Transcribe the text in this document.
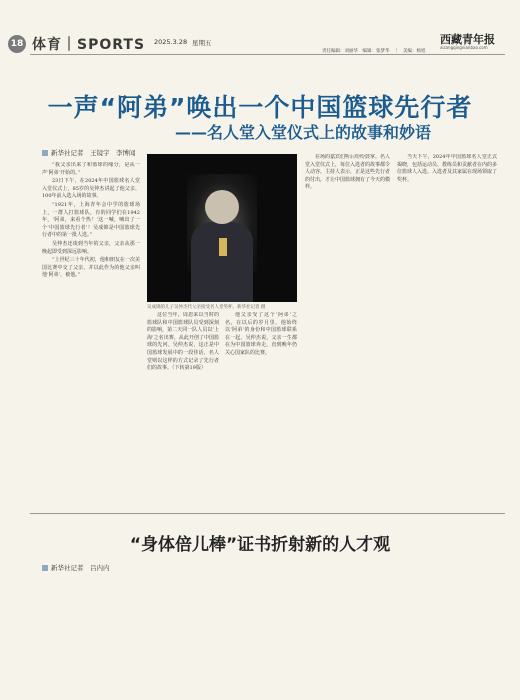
18 体育｜SPORTS 2025.3.28 星期五	西藏青年报
xizangqingnianbao.com
责任编辑：刘丽华　编辑：张梦华　｜　美编：杨旭
一声“阿弟”唤出一个中国篮球先行者
——名人堂入堂仪式上的故事和妙语
新华社记者　 王镜宇　李博闻

“我父亲出来了和篮球的缘分，是从一声‘阿弟’开始的。”

23日下午，在2024年中国篮球名人堂入堂仪式上，85岁的吴仲杰讲起了他父亲、100年前入选入场的故事。

“1921年，上海青年会中学的篮球场上，一群人打篮球队，有的同学们在1942年，‘阿弟，来看个热！’这一喊，喊出了一个‘中国篮球先行者’！吴成锦是中国篮球先行者中的第一批人选。”

吴仲杰还谈到当年的父亲，父亲从那一晚起即受到深远影响。

“上世纪三十年代初，他和朋友在一次美国比赛中交了父亲，并以此作为的他父亲叫他‘阿弟’，被他。”

吴成锦的儿子吴仲杰代父亲接受名人堂奖杯。新华社记者 摄

这位当年，周恩来以当时的篮球队和中国篮球队员受到深刻的影响，第二天同一队人员以‘上海’之名出赛，从此开创了中国篮球的先河。吴仲杰说，这正是中国篮球发展中的一段佳话，名人堂则以这样的方式记录了先行者们的故事。（下转第19版）

他父亲受了这个‘阿弟’之名，在以后的岁月里，他始终以‘阿弟’的身份和中国篮球联系在一起。吴仲杰说，父亲一生都在为中国篮球奔走，直到晚年仍关心国家队的比赛。

在场的嘉宾们听后纷纷鼓掌。名人堂入堂仪式上，每位入选者的故事都令人动容。主持人表示，正是这些先行者的付出，才让中国篮球拥有了今天的模样。

当天下午，2024年中国篮球名人堂正式揭晓，包括运动员、教练员和贡献者在内的多位篮球人入选。入选者及其家属在现场领取了奖杯。

“身体倍儿棒”证书折射新的人才观
新华社记者　 吕内内
